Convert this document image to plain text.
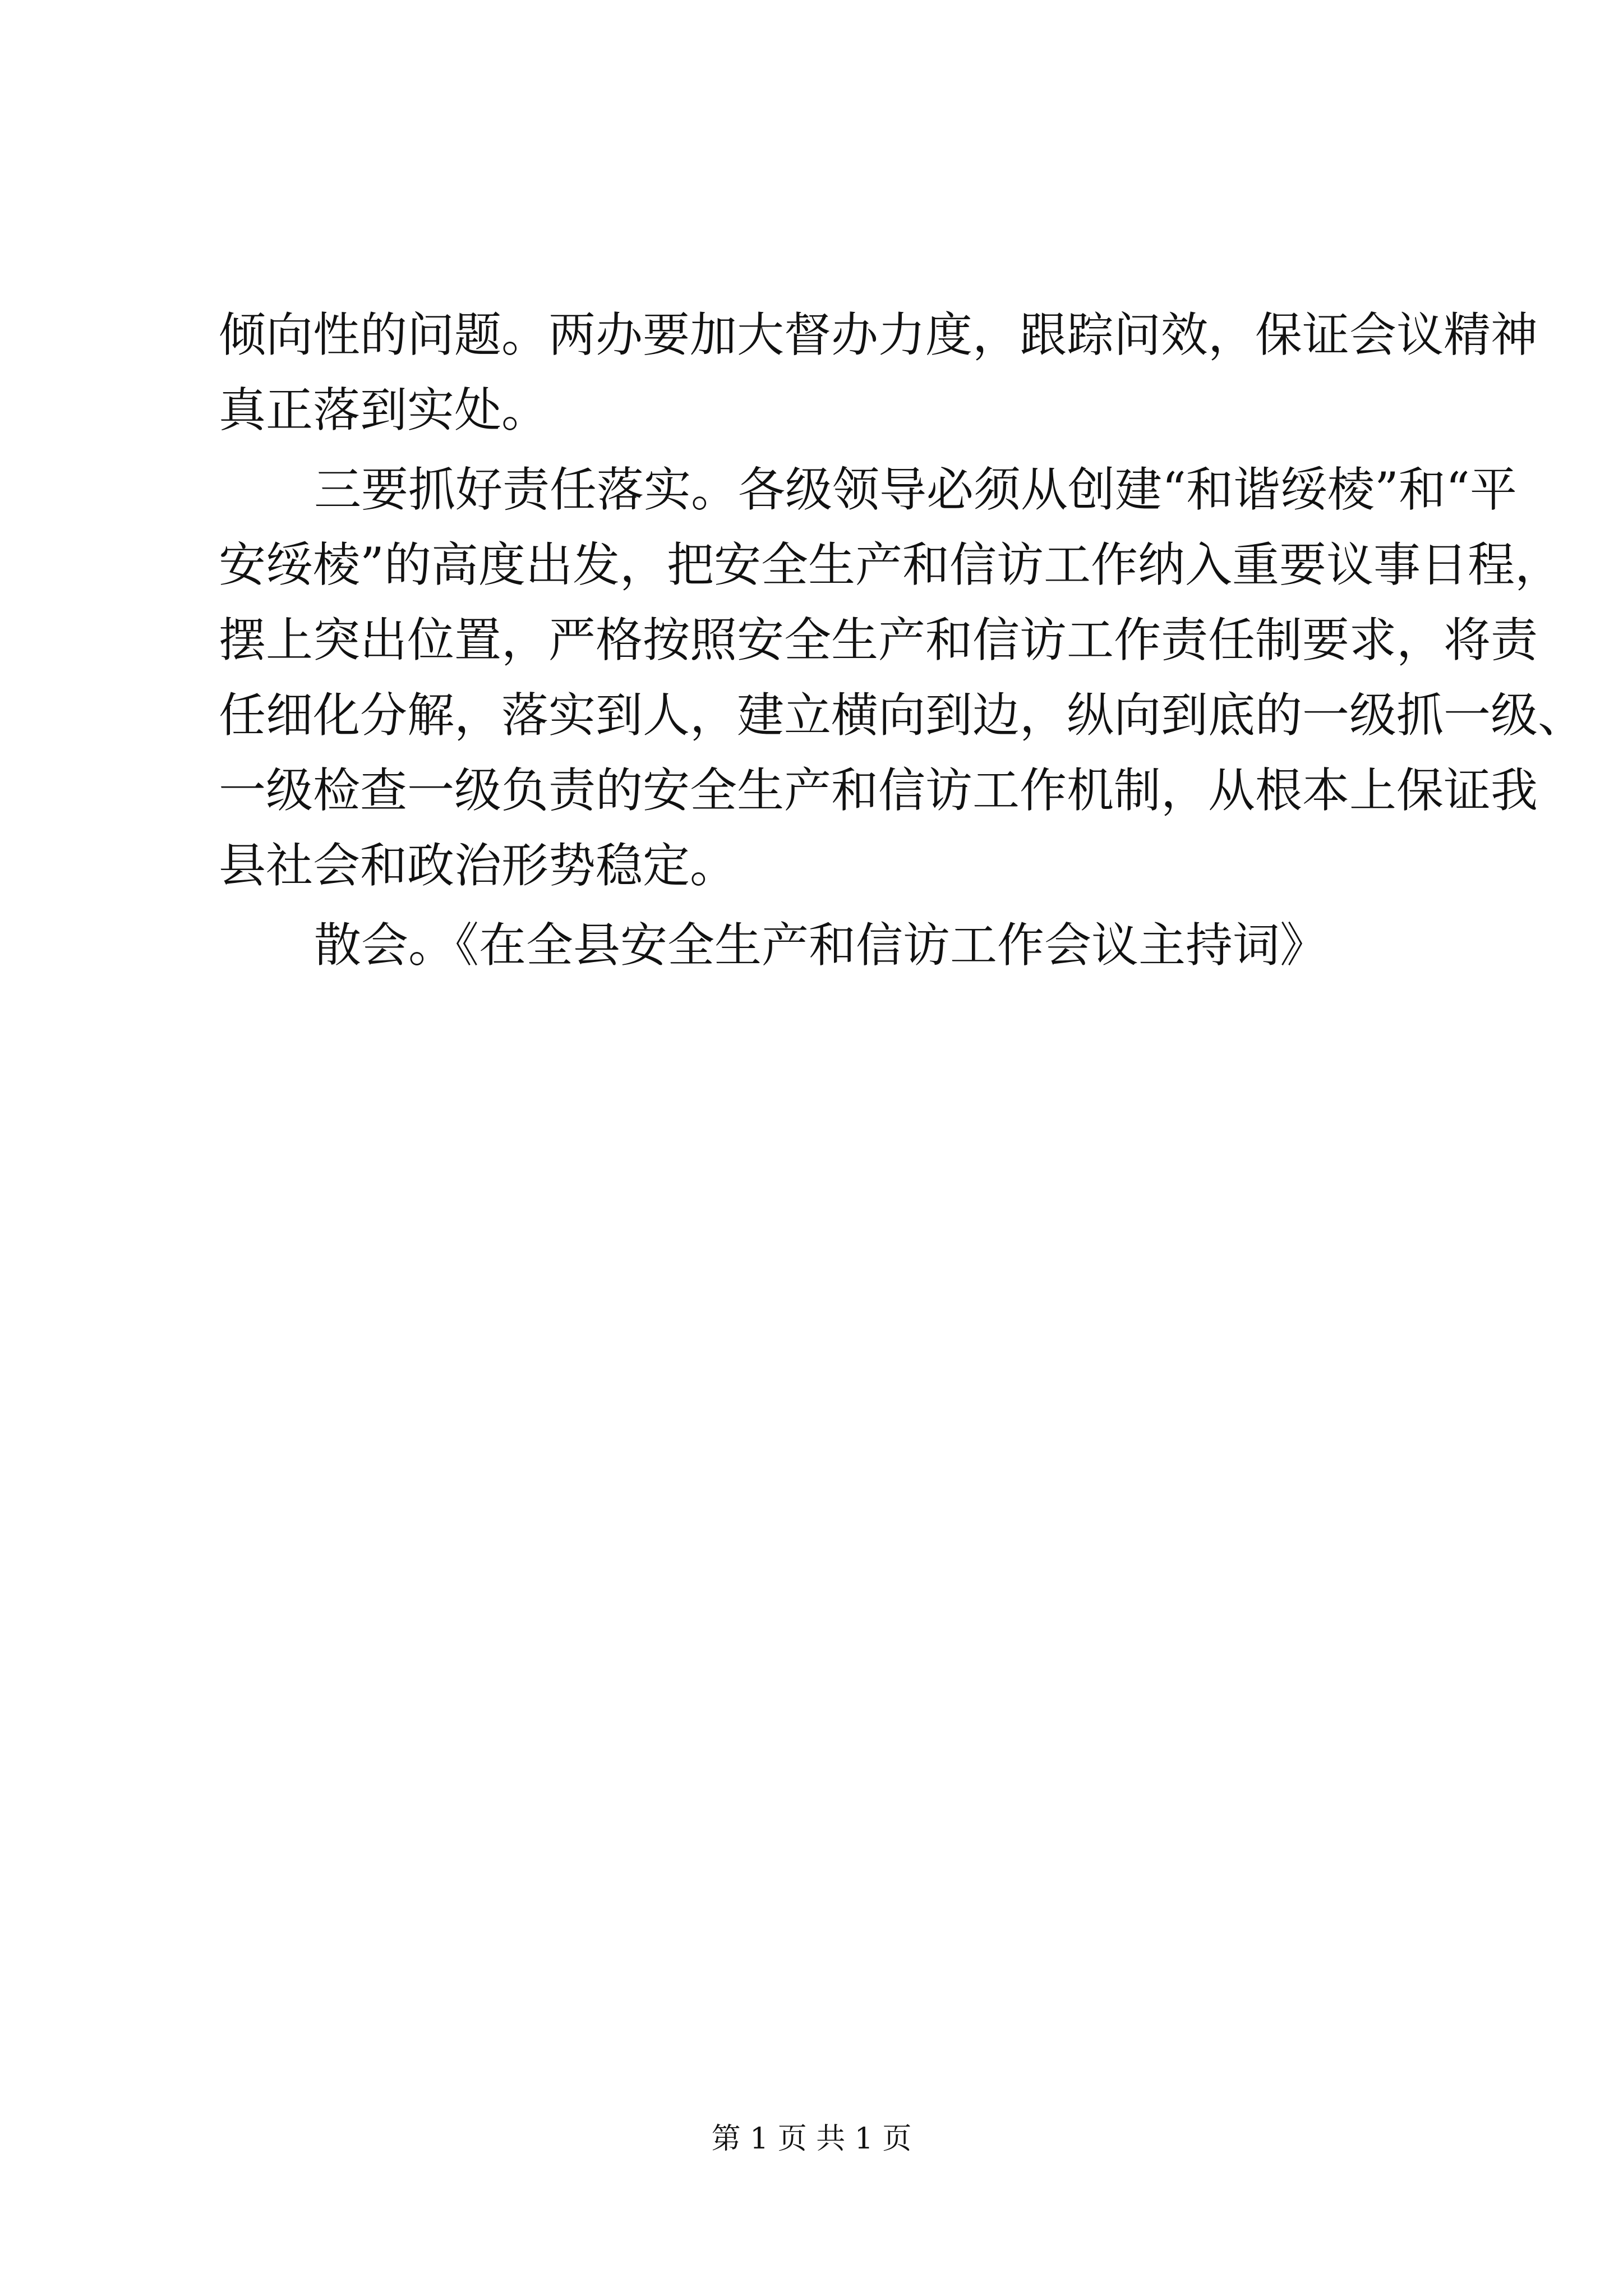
倾向性的问题。两办要加大督办力度，跟踪问效，保证会议精神
真正落到实处。
三要抓好责任落实。各级领导必须从创建“和谐绥棱”和“平
安绥棱”的高度出发，把安全生产和信访工作纳入重要议事日程，
摆上突出位置，严格按照安全生产和信访工作责任制要求，将责
任细化分解，落实到人，建立横向到边，纵向到底的一级抓一级、
一级检查一级负责的安全生产和信访工作机制，从根本上保证我
县社会和政治形势稳定。
散会。《在全县安全生产和信访工作会议主持词》
第 1 页 共 1 页
